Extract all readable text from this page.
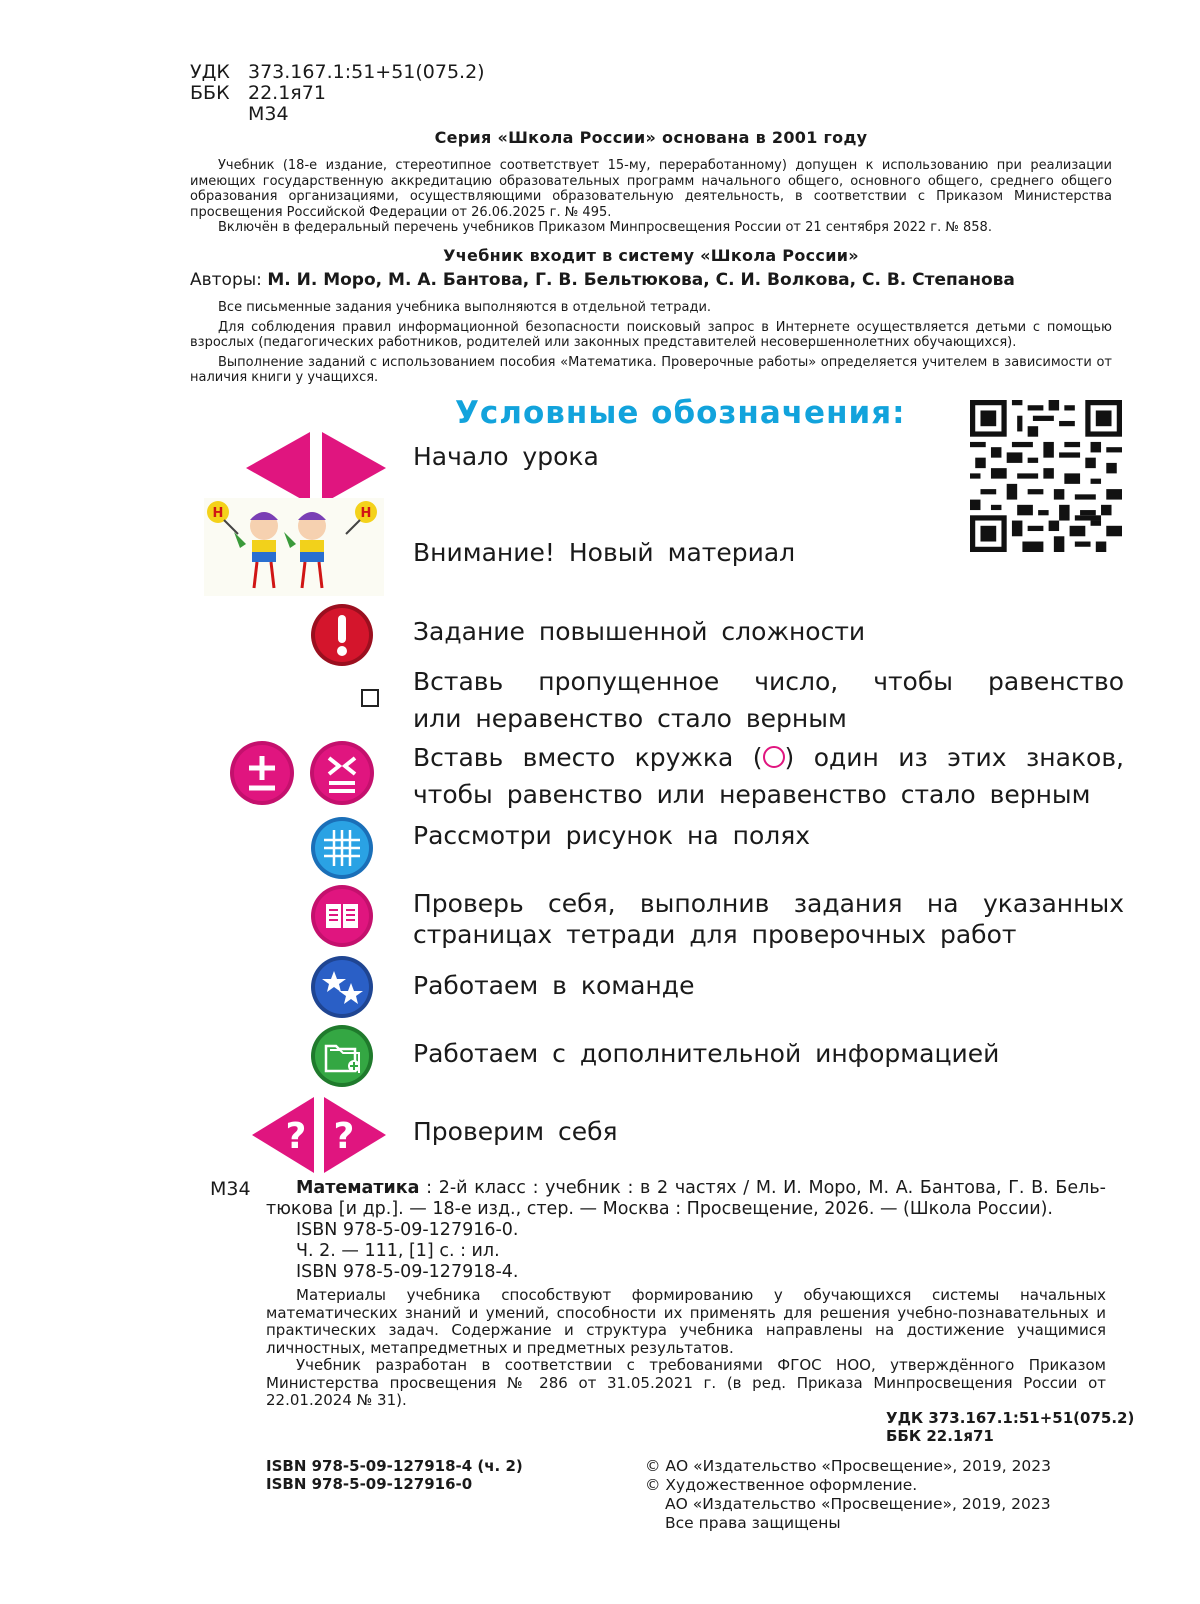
УДК 373.167.1:51+51(075.2)
ББК 22.1я71
М34
Серия «Школа России» основана в 2001 году

Учебник (18-е издание, стереотипное соответствует 15-му, переработанному) допущен к использованию при реализации имеющих государственную аккредитацию образовательных программ начального общего, основного общего, среднего общего образования организациями, осуществляющими образовательную деятельность, в соответствии с Приказом Министерства просвещения Российской Федерации от 26.06.2025 г. № 495.

Включён в федеральный перечень учебников Приказом Минпросвещения России от 21 сентября 2022 г. № 858.

Учебник входит в систему «Школа России»
Авторы: М. И. Моро, М. А. Бантова, Г. В. Бельтюкова, С. И. Волкова, С. В. Степанова

Все письменные задания учебника выполняются в отдельной тетради.

Для соблюдения правил информационной безопасности поисковый запрос в Интернете осуществляется детьми с помощью взрослых (педагогических работников, родителей или законных представителей несовершеннолетних обучающихся).

Выполнение заданий с использованием пособия «Математика. Проверочные работы» определяется учителем в зависимости от наличия книги у учащихся.

Условные обозначения:
Начало урока
Н	Н
Внимание! Новый материал
Задание повышенной сложности
Вставь пропущенное число, чтобы равенство
или неравенство стало верным
Вставь вместо кружка ( ) один из этих знаков,
чтобы равенство или неравенство стало верным
Рассмотри рисунок на полях
Проверь себя, выполнив задания на указанных
страницах тетради для проверочных работ
Работаем в команде
Работаем с дополнительной информацией
? ? Проверим себя
М34	Математика : 2-й класс : учебник : в 2 частях / М. И. Моро, М. А. Бантова, Г. В. Бель-

тюкова [и др.]. — 18-е изд., стер. — Москва : Просвещение, 2026. — (Школа России).

ISBN 978-5-09-127916-0.

Ч. 2. — 111, [1] с. : ил.

ISBN 978-5-09-127918-4.

Материалы учебника способствуют формированию у обучающихся системы начальных математических знаний и умений, способности их применять для решения учебно-познавательных и практических задач. Содержание и структура учебника направлены на достижение учащимися личностных, метапредметных и предметных результатов.

Учебник разработан в соответствии с требованиями ФГОС НОО, утверждённого Приказом Министерства просвещения № 286 от 31.05.2021 г. (в ред. Приказа Минпросвещения России от 22.01.2024 № 31).

УДК 373.167.1:51+51(075.2)
ББК 22.1я71
ISBN 978-5-09-127918-4 (ч. 2)
ISBN 978-5-09-127916-0
© АО «Издательство «Просвещение», 2019, 2023
© Художественное оформление.
АО «Издательство «Просвещение», 2019, 2023
Все права защищены
